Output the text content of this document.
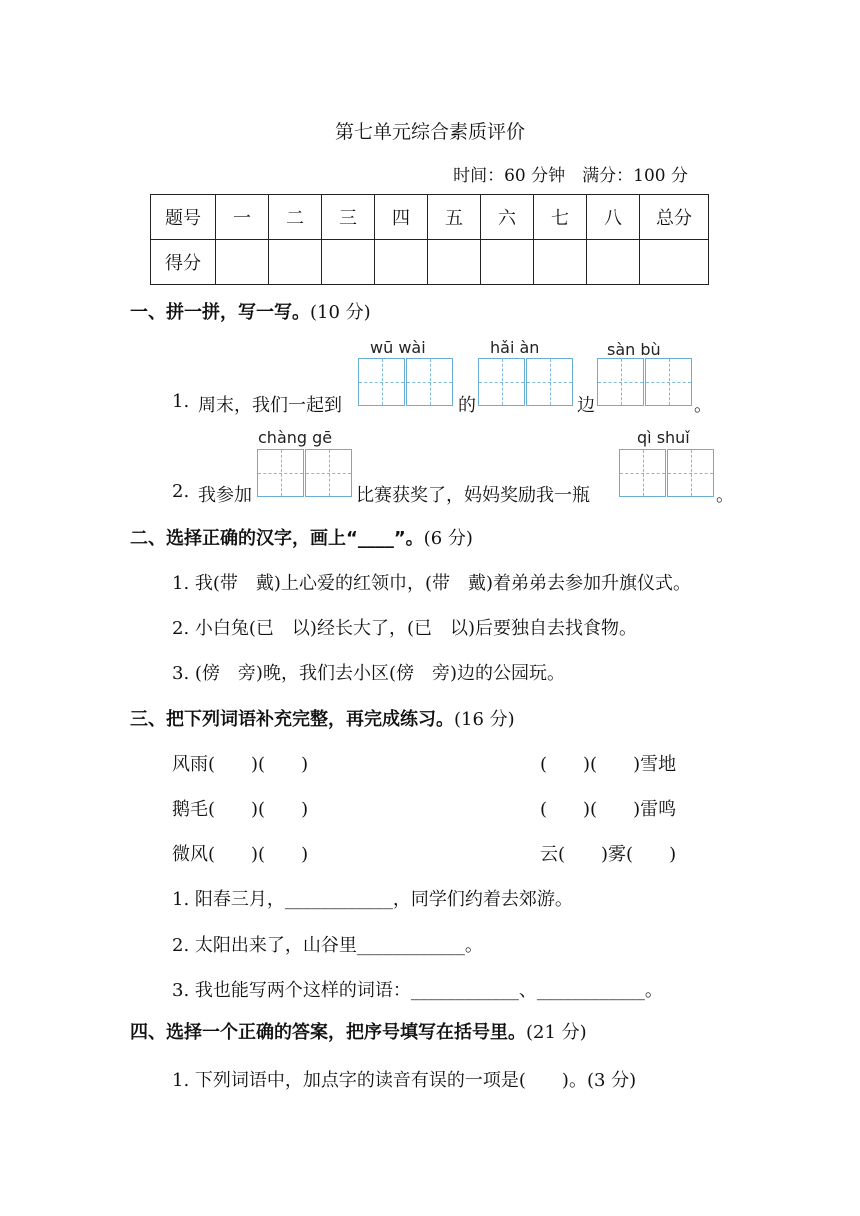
第七单元综合素质评价
时间：60 分钟　满分：100 分
题号	一	二	三	四	五	六	七	八	总分
得分									
一、拼一拼，写一写。(10 分)
wū wài	hǎi àn	sàn bù
1. 周末，我们一起到	的	边	。
chàng gē	qì shuǐ
2. 我参加	比赛获奖了，妈妈奖励我一瓶	。
二、选择正确的汉字，画上“____”。(6 分)
1. 我(带　戴)上心爱的红领巾，(带　戴)着弟弟去参加升旗仪式。
2. 小白兔(已　以)经长大了，(已　以)后要独自去找食物。
3. (傍　旁)晚，我们去小区(傍　旁)边的公园玩。
三、把下列词语补充完整，再完成练习。(16 分)
风雨(　　)(　　)	(　　)(　　)雪地
鹅毛(　　)(　　)	(　　)(　　)雷鸣
微风(　　)(　　)	云(　　)雾(　　)
1. 阳春三月，____________，同学们约着去郊游。
2. 太阳出来了，山谷里____________。
3. 我也能写两个这样的词语：____________、____________。
四、选择一个正确的答案，把序号填写在括号里。(21 分)
1. 下列词语中，加点字的读音有误的一项是(　　)。(3 分)
